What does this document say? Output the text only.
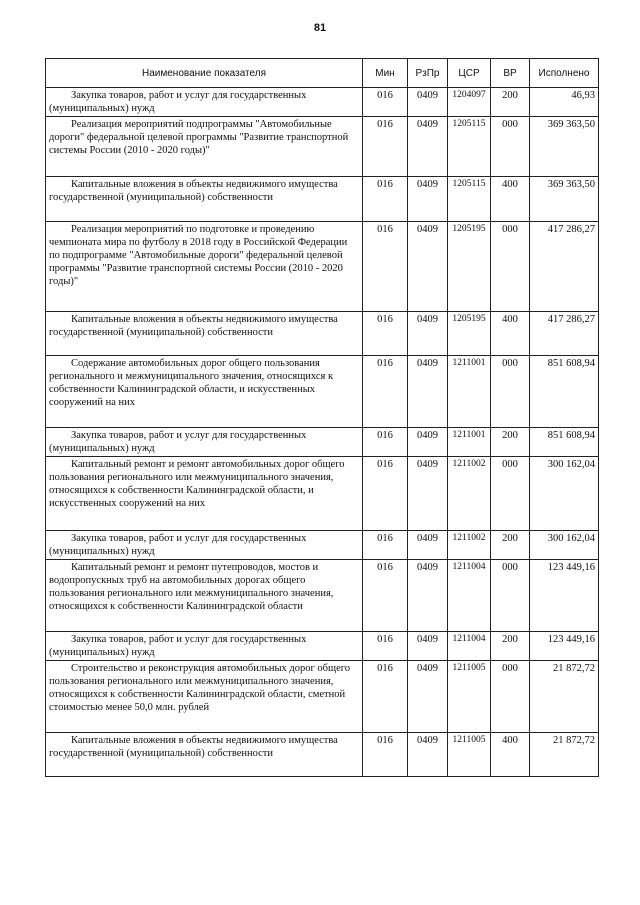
81
Наименование показателя	Мин	РзПр	ЦСР	ВР	Исполнено
Закупка товаров, работ и услуг для государственных (муниципальных) нужд	016	0409	1204097	200	46,93
Реализация мероприятий подпрограммы "Автомобильные дороги" федеральной целевой программы "Развитие транспортной системы России (2010 - 2020 годы)"	016	0409	1205115	000	369 363,50
Капитальные вложения в объекты недвижимого имущества государственной (муниципальной) собственности	016	0409	1205115	400	369 363,50
Реализация мероприятий по подготовке и проведению чемпионата мира по футболу в 2018 году в Российской Федерации по подпрограмме "Автомобильные дороги" федеральной целевой программы "Развитие транспортной системы России (2010 - 2020 годы)"	016	0409	1205195	000	417 286,27
Капитальные вложения в объекты недвижимого имущества государственной (муниципальной) собственности	016	0409	1205195	400	417 286,27
Содержание автомобильных дорог общего пользования регионального и межмуниципального значения, относящихся к собственности Калининградской области, и искусственных сооружений на них	016	0409	1211001	000	851 608,94
Закупка товаров, работ и услуг для государственных (муниципальных) нужд	016	0409	1211001	200	851 608,94
Капитальный ремонт и ремонт автомобильных дорог общего пользования регионального или межмуниципального значения, относящихся к собственности Калининградской области, и искусственных сооружений на них	016	0409	1211002	000	300 162,04
Закупка товаров, работ и услуг для государственных (муниципальных) нужд	016	0409	1211002	200	300 162,04
Капитальный ремонт и ремонт путепроводов, мостов и водопропускных труб на автомобильных дорогах общего пользования регионального или межмуниципального значения, относящихся к собственности Калининградской области	016	0409	1211004	000	123 449,16
Закупка товаров, работ и услуг для государственных (муниципальных) нужд	016	0409	1211004	200	123 449,16
Строительство и реконструкция автомобильных дорог общего пользования регионального или межмуниципального значения, относящихся к собственности Калининградской области, сметной стоимостью менее 50,0 млн. рублей	016	0409	1211005	000	21 872,72
Капитальные вложения в объекты недвижимого имущества государственной (муниципальной) собственности	016	0409	1211005	400	21 872,72
